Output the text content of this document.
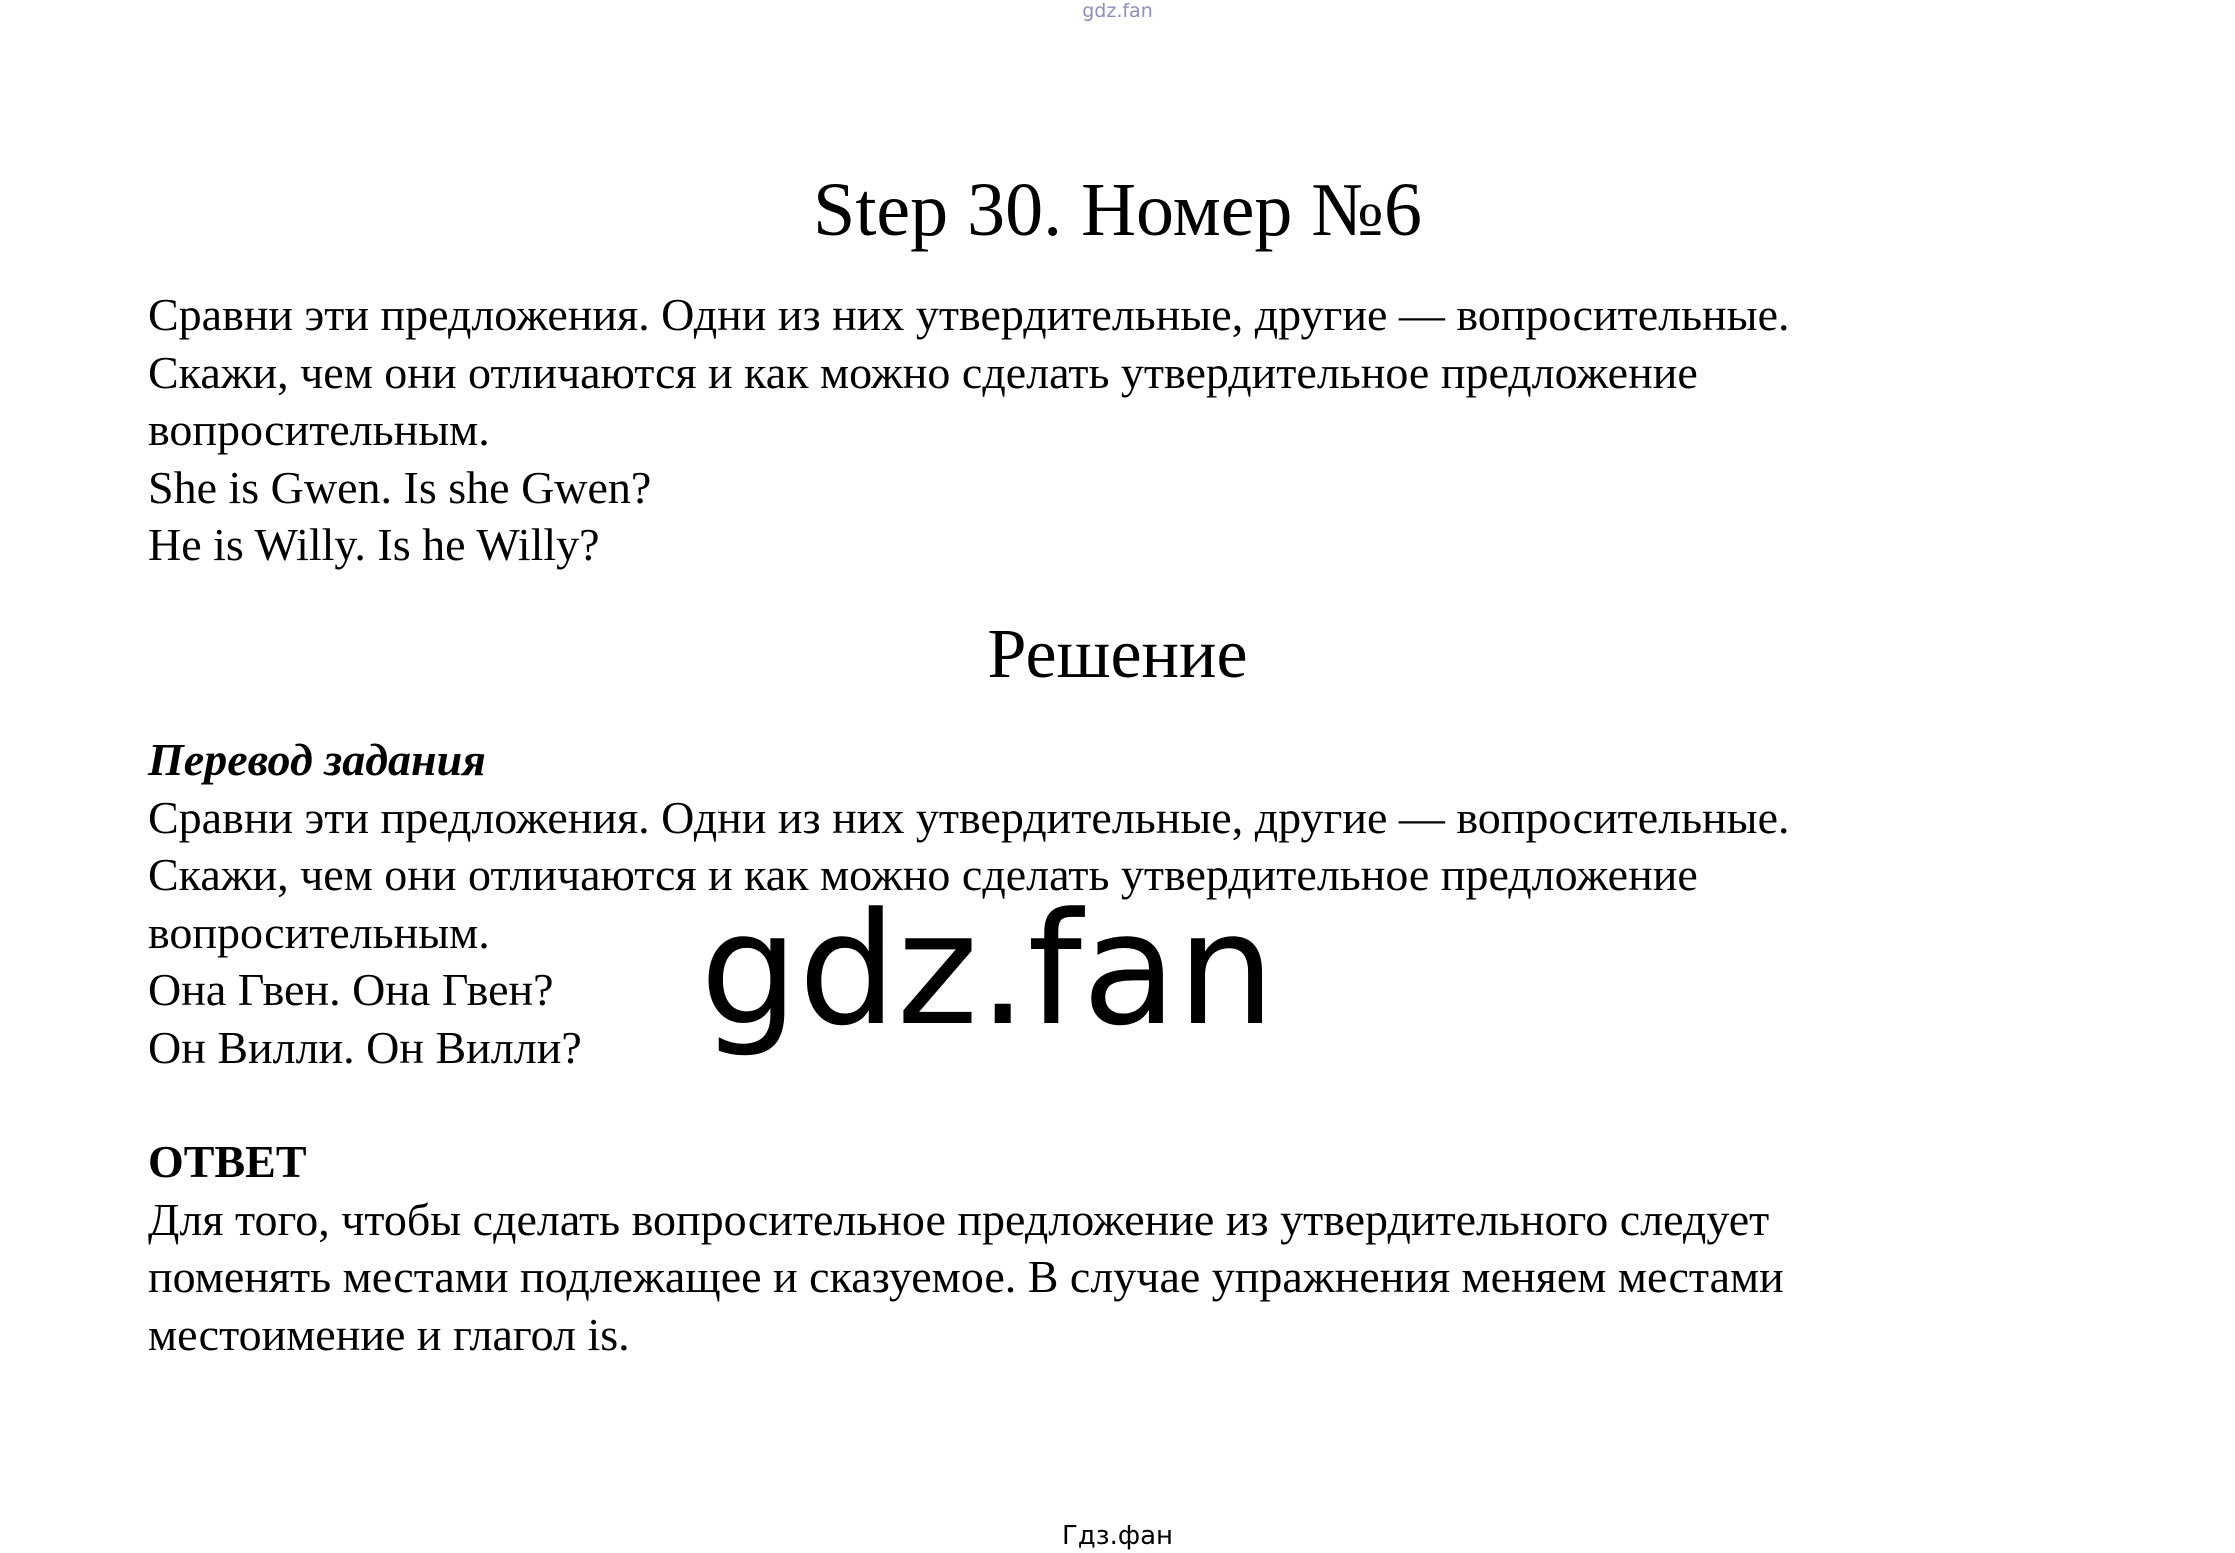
gdz.fan
Step 30. Номер №6

Сравни эти предложения. Одни из них утвердительные, другие — вопросительные.

Скажи, чем они отличаются и как можно сделать утвердительное предложение

вопросительным.

She is Gwen. Is she Gwen?

He is Willy. Is he Willy?

Решение

Перевод задания

Сравни эти предложения. Одни из них утвердительные, другие — вопросительные.

Скажи, чем они отличаются и как можно сделать утвердительное предложение

вопросительным.

Она Гвен. Она Гвен?

Он Вилли. Он Вилли? gdz.fan

ОТВЕТ

Для того, чтобы сделать вопросительное предложение из утвердительного следует

поменять местами подлежащее и сказуемое. В случае упражнения меняем местами

местоимение и глагол is.

Гдз.фан
